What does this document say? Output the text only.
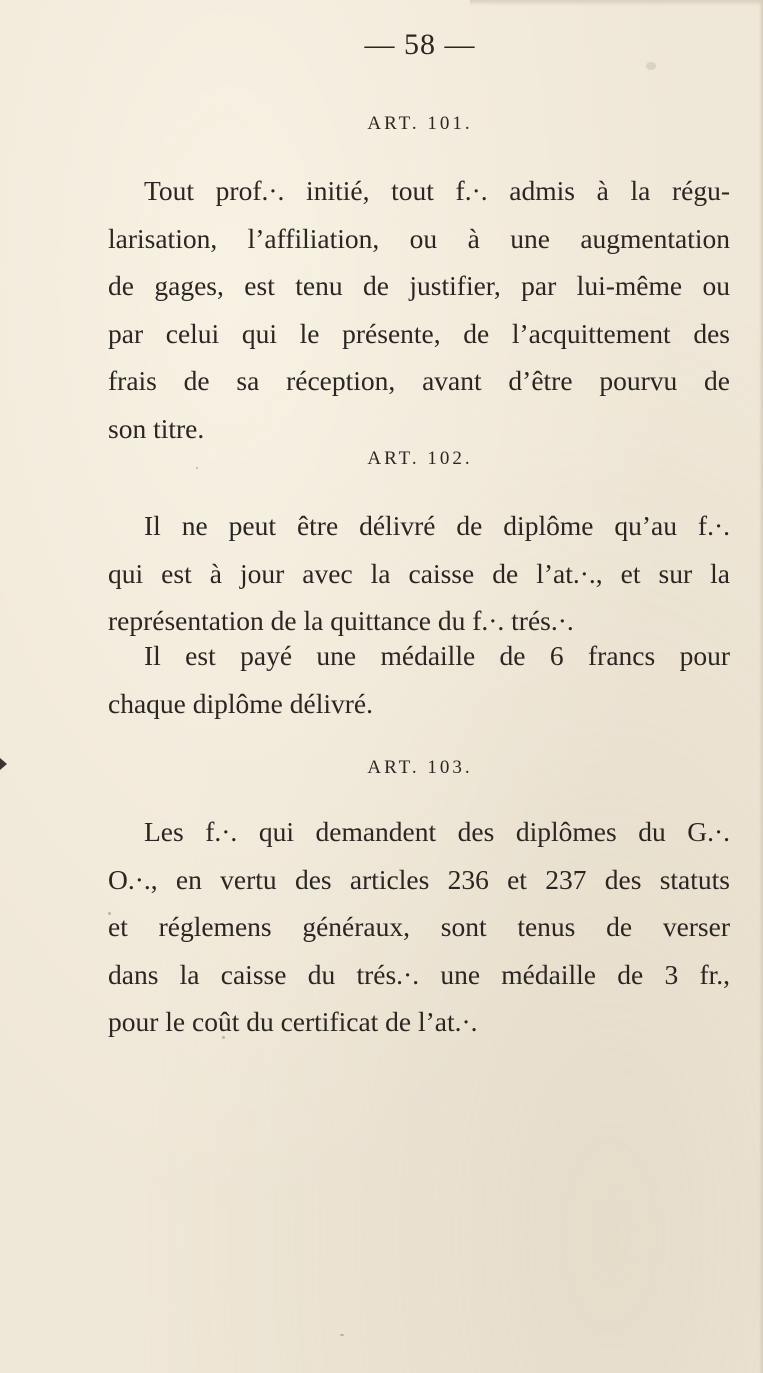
— 58 —
ART. 101.

Tout prof.·. initié, tout f.·. admis à la régu-
larisation, l’affiliation, ou à une augmentation
de gages, est tenu de justifier, par lui-même ou
par celui qui le présente, de l’acquittement des
frais de sa réception, avant d’être pourvu de
son titre.

ART. 102.

Il ne peut être délivré de diplôme qu’au f.·.
qui est à jour avec la caisse de l’at.·., et sur la
représentation de la quittance du f.·. trés.·.

Il est payé une médaille de 6 francs pour
chaque diplôme délivré.

ART. 103.

Les f.·. qui demandent des diplômes du G.·.
O.·., en vertu des articles 236 et 237 des statuts
et réglemens généraux, sont tenus de verser
dans la caisse du trés.·. une médaille de 3 fr.,
pour le coût du certificat de l’at.·.
